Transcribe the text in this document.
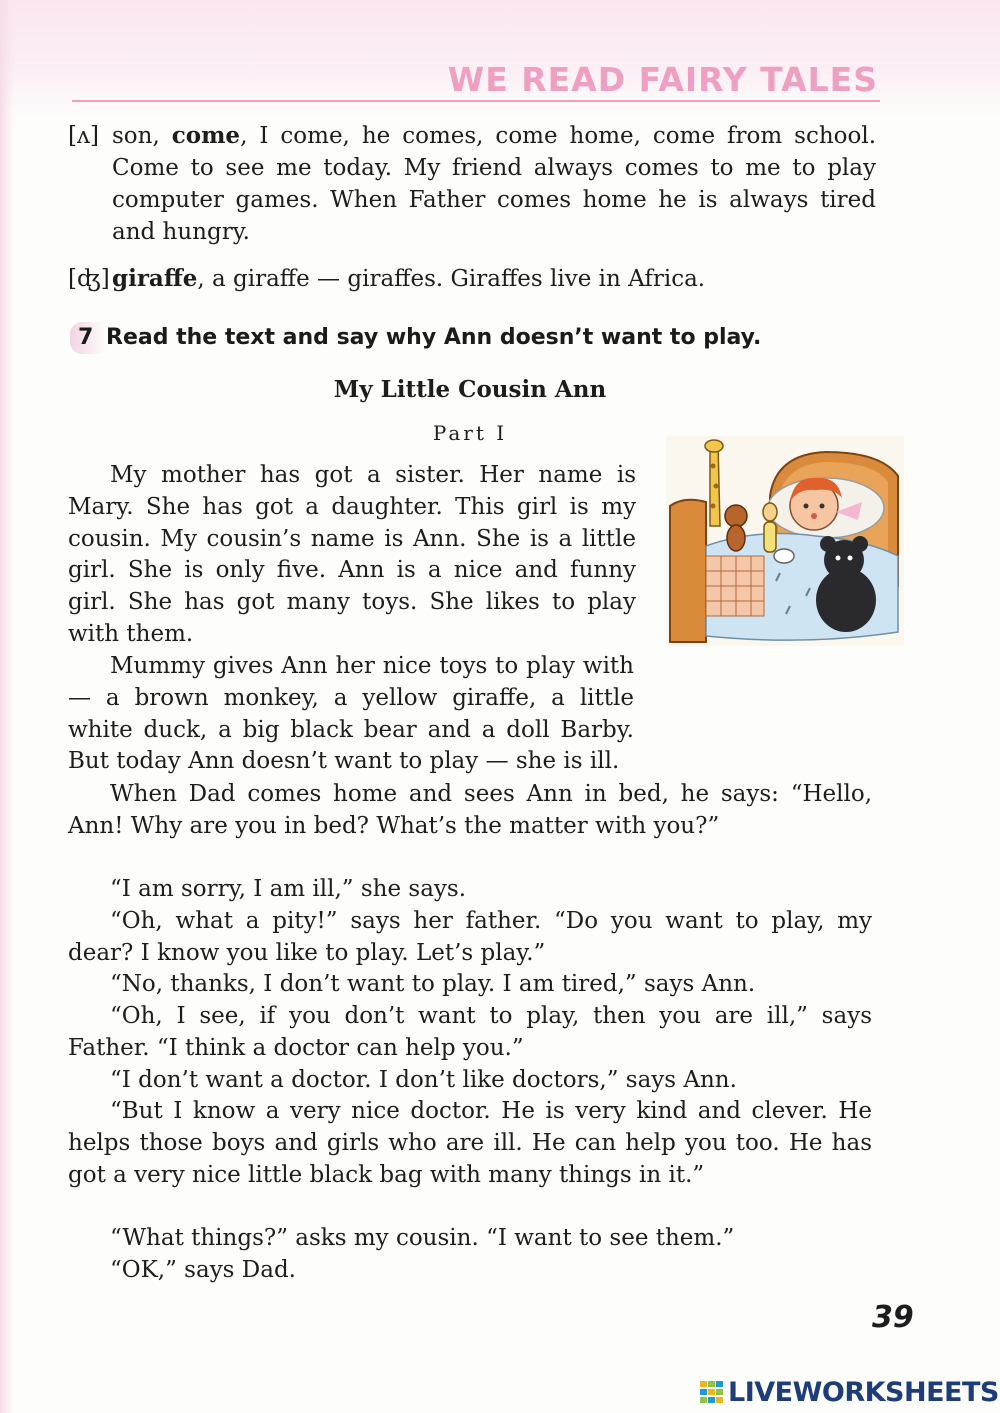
WE READ FAIRY TALES

[ʌ] son, come, I come, he comes, come home, come from school. Come to see me today. My friend always comes to me to play computer games. When Father comes home he is always tired and hungry.

[ʤ] giraffe, a giraffe — giraffes. Giraffes live in Africa.

7 Read the text and say why Ann doesn’t want to play.
My Little Cousin Ann
Part I

My mother has got a sister. Her name is Mary. She has got a daughter. This girl is my cousin. My cousin’s name is Ann. She is a little girl. She is only five. Ann is a nice and funny girl. She has got many toys. She likes to play with them.

Mummy gives Ann her nice toys to play with — a brown monkey, a yellow giraffe, a little white duck, a big black bear and a doll Barby. But today Ann doesn’t want to play — she is ill.

When Dad comes home and sees Ann in bed, he says: “Hello, Ann! Why are you in bed? What’s the matter with you?”

“I am sorry, I am ill,” she says.

“Oh, what a pity!” says her father. “Do you want to play, my dear? I know you like to play. Let’s play.”

“No, thanks, I don’t want to play. I am tired,” says Ann.

“Oh, I see, if you don’t want to play, then you are ill,” says Father. “I think a doctor can help you.”

“I don’t want a doctor. I don’t like doctors,” says Ann.

“But I know a very nice doctor. He is very kind and clever. He helps those boys and girls who are ill. He can help you too. He has got a very nice little black bag with many things in it.”

“What things?” asks my cousin. “I want to see them.”

“OK,” says Dad.

39
LIVEWORKSHEETS
